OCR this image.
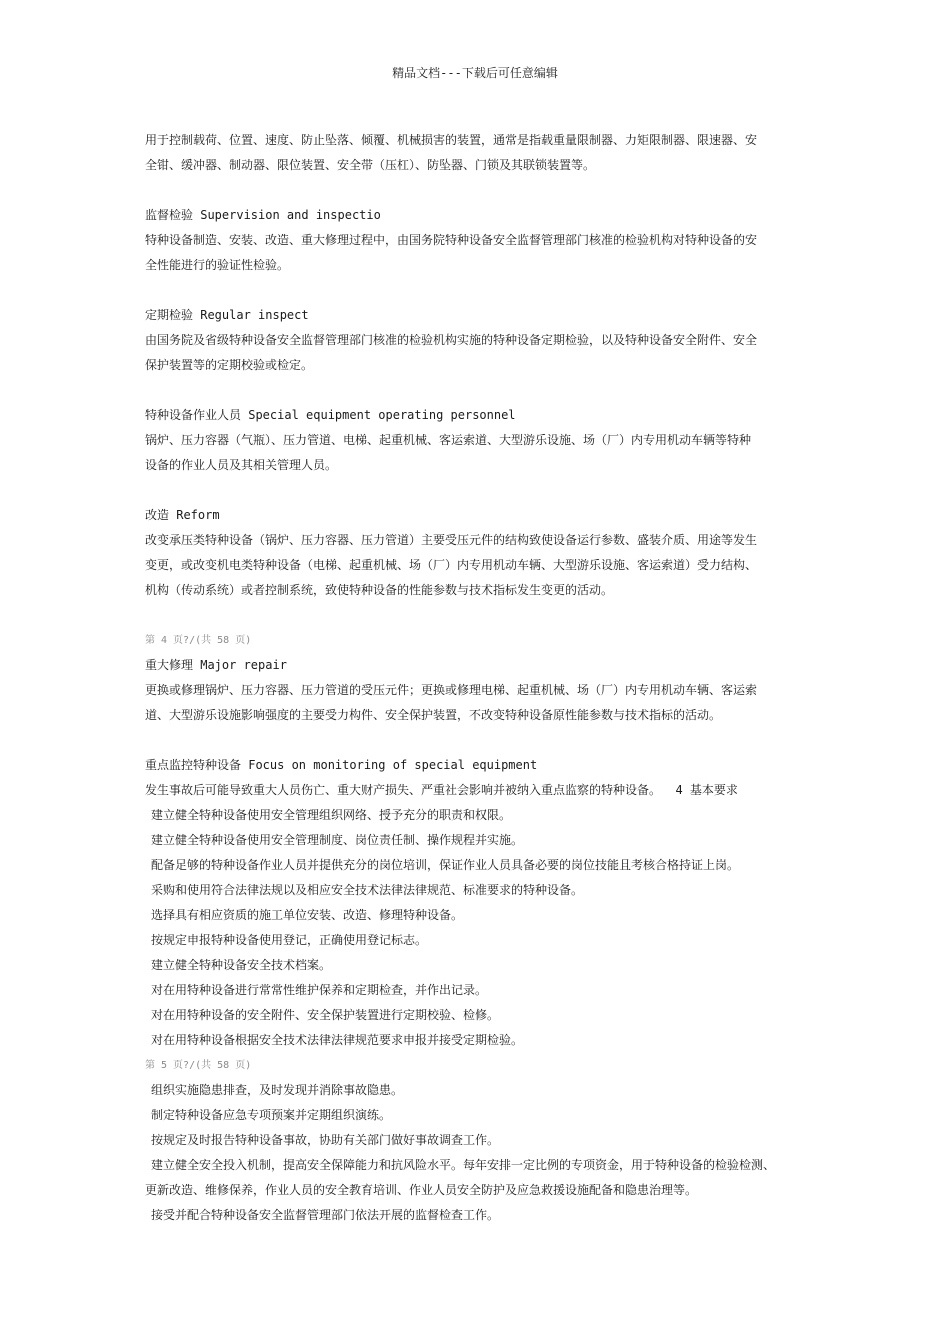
精品文档---下载后可任意编辑
用于控制载荷、位置、速度、防止坠落、倾覆、机械损害的装置，通常是指载重量限制器、力矩限制器、限速器、安
全钳、缓冲器、制动器、限位装置、安全带（压杠）、防坠器、门锁及其联锁装置等。
监督检验 Supervision and inspectio
特种设备制造、安装、改造、重大修理过程中，由国务院特种设备安全监督管理部门核准的检验机构对特种设备的安
全性能进行的验证性检验。
定期检验 Regular inspect
由国务院及省级特种设备安全监督管理部门核准的检验机构实施的特种设备定期检验，以及特种设备安全附件、安全
保护装置等的定期校验或检定。
特种设备作业人员 Special equipment operating personnel
锅炉、压力容器（气瓶）、压力管道、电梯、起重机械、客运索道、大型游乐设施、场（厂）内专用机动车辆等特种
设备的作业人员及其相关管理人员。
改造 Reform
改变承压类特种设备（锅炉、压力容器、压力管道）主要受压元件的结构致使设备运行参数、盛装介质、用途等发生
变更，或改变机电类特种设备（电梯、起重机械、场（厂）内专用机动车辆、大型游乐设施、客运索道）受力结构、
机构（传动系统）或者控制系统，致使特种设备的性能参数与技术指标发生变更的活动。
第 4 页?/(共 58 页)
重大修理 Major repair
更换或修理锅炉、压力容器、压力管道的受压元件；更换或修理电梯、起重机械、场（厂）内专用机动车辆、客运索
道、大型游乐设施影响强度的主要受力构件、安全保护装置，不改变特种设备原性能参数与技术指标的活动。
重点监控特种设备 Focus on monitoring of special equipment
发生事故后可能导致重大人员伤亡、重大财产损失、严重社会影响并被纳入重点监察的特种设备。  4 基本要求
建立健全特种设备使用安全管理组织网络、授予充分的职责和权限。
建立健全特种设备使用安全管理制度、岗位责任制、操作规程并实施。
配备足够的特种设备作业人员并提供充分的岗位培训，保证作业人员具备必要的岗位技能且考核合格持证上岗。
采购和使用符合法律法规以及相应安全技术法律法律规范、标准要求的特种设备。
选择具有相应资质的施工单位安装、改造、修理特种设备。
按规定申报特种设备使用登记，正确使用登记标志。
建立健全特种设备安全技术档案。
对在用特种设备进行常常性维护保养和定期检查，并作出记录。
对在用特种设备的安全附件、安全保护装置进行定期校验、检修。
对在用特种设备根据安全技术法律法律规范要求申报并接受定期检验。
第 5 页?/(共 58 页)
组织实施隐患排查，及时发现并消除事故隐患。
制定特种设备应急专项预案并定期组织演练。
按规定及时报告特种设备事故，协助有关部门做好事故调查工作。
建立健全安全投入机制，提高安全保障能力和抗风险水平。每年安排一定比例的专项资金，用于特种设备的检验检测、
更新改造、维修保养，作业人员的安全教育培训、作业人员安全防护及应急救援设施配备和隐患治理等。
接受并配合特种设备安全监督管理部门依法开展的监督检查工作。
